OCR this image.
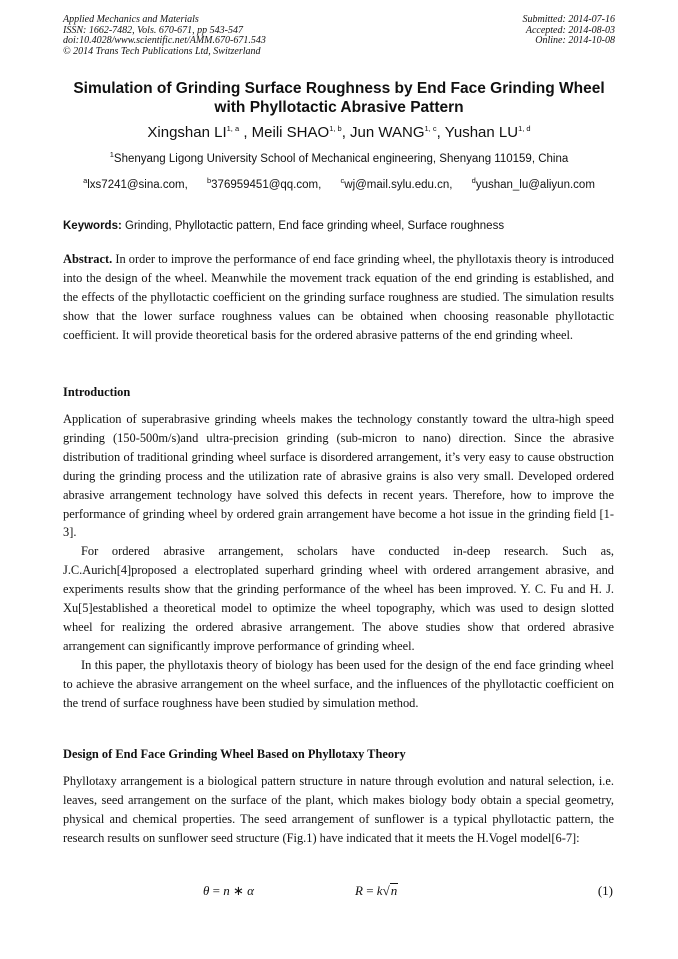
Applied Mechanics and Materials
ISSN: 1662-7482, Vols. 670-671, pp 543-547
doi:10.4028/www.scientific.net/AMM.670-671.543
© 2014 Trans Tech Publications Ltd, Switzerland
Submitted: 2014-07-16
Accepted: 2014-08-03
Online: 2014-10-08
Simulation of Grinding Surface Roughness by End Face Grinding Wheel
with Phyllotactic Abrasive Pattern
Xingshan LI$^{1, a}$ , Meili SHAO$^{1, b}$, Jun WANG$^{1, c}$, Yushan LU$^{1, d}$
$^1$Shenyang Ligong University School of Mechanical engineering, Shenyang 110159, China
$^a$lxs7241@sina.com,	$^b$376959451@qq.com,	$^c$wj@mail.sylu.edu.cn,	$^d$yushan_lu@aliyun.com
Keywords: Grinding, Phyllotactic pattern, End face grinding wheel, Surface roughness

Abstract. In order to improve the performance of end face grinding wheel, the phyllotaxis theory is introduced into the design of the wheel. Meanwhile the movement track equation of the end grinding is established, and the effects of the phyllotactic coefficient on the grinding surface roughness are studied. The simulation results show that the lower surface roughness values can be obtained when choosing reasonable phyllotactic coefficient. It will provide theoretical basis for the ordered abrasive patterns of the end grinding wheel.

Introduction

Application of superabrasive grinding wheels makes the technology constantly toward the ultra-high speed grinding (150-500m/s)and ultra-precision grinding (sub-micron to nano) direction. Since the abrasive distribution of traditional grinding wheel surface is disordered arrangement, it’s very easy to cause obstruction during the grinding process and the utilization rate of abrasive grains is also very small. Developed ordered abrasive arrangement technology have solved this defects in recent years. Therefore, how to improve the performance of grinding wheel by ordered grain arrangement have become a hot issue in the grinding field [1-3].

For ordered abrasive arrangement, scholars have conducted in-deep research. Such as, J.C.Aurich[4]proposed a electroplated superhard grinding wheel with ordered arrangement abrasive, and experiments results show that the grinding performance of the wheel has been improved. Y. C. Fu and H. J. Xu[5]established a theoretical model to optimize the wheel topography, which was used to design slotted wheel for realizing the ordered abrasive arrangement. The above studies show that ordered abrasive arrangement can significantly improve performance of grinding wheel.

In this paper, the phyllotaxis theory of biology has been used for the design of the end face grinding wheel to achieve the abrasive arrangement on the wheel surface, and the influences of the phyllotactic coefficient on the trend of surface roughness have been studied by simulation method.

Design of End Face Grinding Wheel Based on Phyllotaxy Theory

Phyllotaxy arrangement is a biological pattern structure in nature through evolution and natural selection, i.e. leaves, seed arrangement on the surface of the plant, which makes biology body obtain a special geometry, physical and chemical properties. The seed arrangement of sunflower is a typical phyllotactic pattern, the research results on sunflower seed structure (Fig.1) have indicated that it meets the H.Vogel model[6-7]:

θ = n ∗ α	R = k√n	(1)
